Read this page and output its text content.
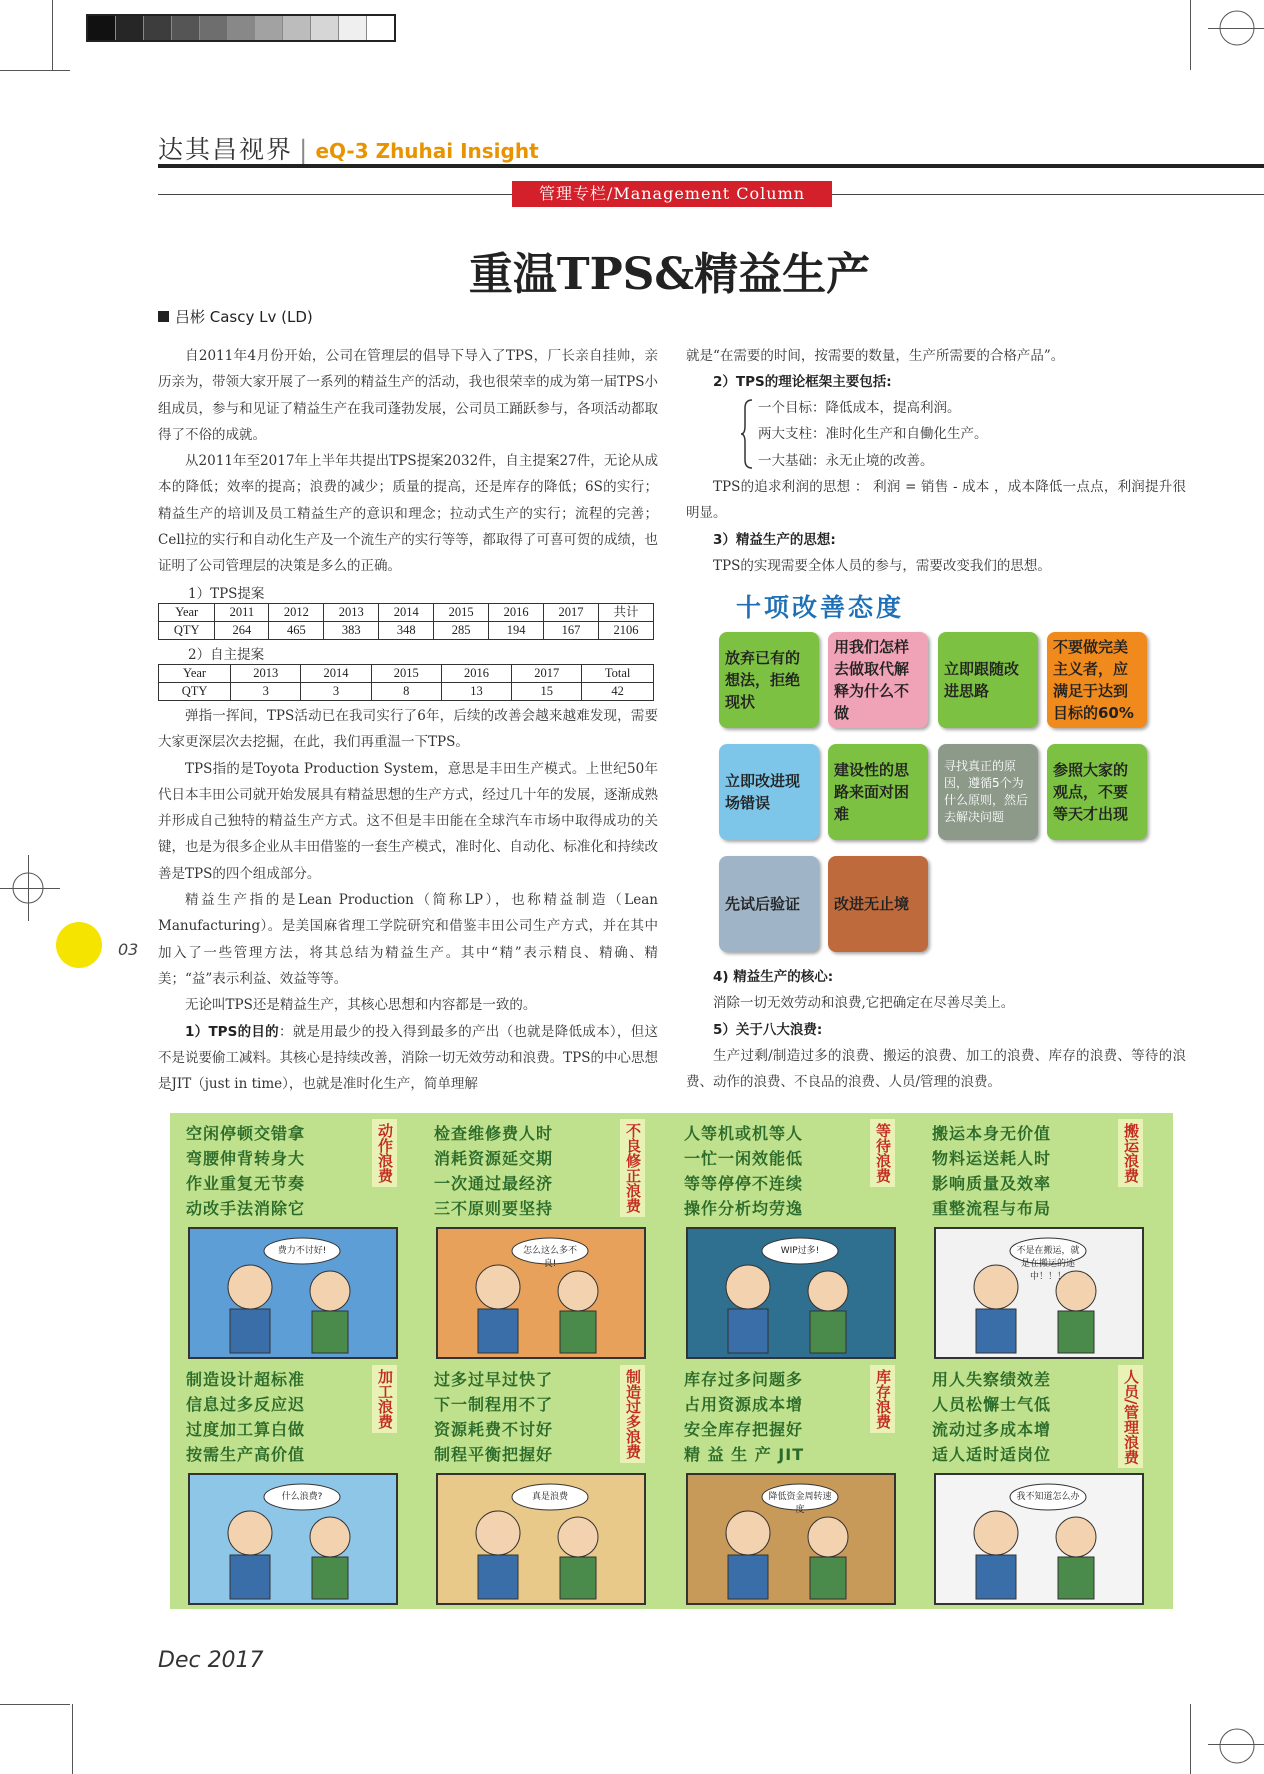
达其昌视界 | eQ-3 Zhuhai Insight
管理专栏/Management Column
重温TPS&精益生产
吕彬 Cascy Lv (LD)

自2011年4月份开始，公司在管理层的倡导下导入了TPS，厂长亲自挂帅，亲历亲为，带领大家开展了一系列的精益生产的活动，我也很荣幸的成为第一届TPS小组成员，参与和见证了精益生产在我司蓬勃发展，公司员工踊跃参与，各项活动都取得了不俗的成就。

从2011年至2017年上半年共提出TPS提案2032件，自主提案27件，无论从成本的降低；效率的提高；浪费的减少；质量的提高，还是库存的降低；6S的实行；精益生产的培训及员工精益生产的意识和理念；拉动式生产的实行；流程的完善；Cell拉的实行和自动化生产及一个流生产的实行等等，都取得了可喜可贺的成绩，也证明了公司管理层的决策是多么的正确。

1）TPS提案
Year	2011	2012	2013	2014	2015	2016	2017	共计
QTY	264	465	383	348	285	194	167	2106
2）自主提案
Year	2013	2014	2015	2016	2017	Total
QTY	3	3	8	13	15	42

弹指一挥间，TPS活动已在我司实行了6年，后续的改善会越来越难发现，需要大家更深层次去挖掘，在此，我们再重温一下TPS。

TPS指的是Toyota Production System，意思是丰田生产模式。上世纪50年代日本丰田公司就开始发展具有精益思想的生产方式，经过几十年的发展，逐渐成熟并形成自己独特的精益生产方式。这不但是丰田能在全球汽车市场中取得成功的关键，也是为很多企业从丰田借鉴的一套生产模式，准时化、自动化、标准化和持续改善是TPS的四个组成部分。

精益生产指的是Lean Production（简称LP），也称精益制造（Lean Manufacturing）。是美国麻省理工学院研究和借鉴丰田公司生产方式，并在其中加入了一些管理方法，将其总结为精益生产。其中“精”表示精良、精确、精美；“益”表示利益、效益等等。

无论叫TPS还是精益生产，其核心思想和内容都是一致的。

1）TPS的目的：就是用最少的投入得到最多的产出（也就是降低成本），但这不是说要偷工减料。其核心是持续改善，消除一切无效劳动和浪费。TPS的中心思想是JIT（just in time），也就是准时化生产，简单理解

就是“在需要的时间，按需要的数量，生产所需要的合格产品”。

2）TPS的理论框架主要包括:

一个目标：降低成本，提高利润。

两大支柱：准时化生产和自働化生产。

一大基础：永无止境的改善。

TPS的追求利润的思想 ： 利润 = 销售 - 成本 ，成本降低一点点，利润提升很明显。

3）精益生产的思想:

TPS的实现需要全体人员的参与，需要改变我们的思想。

十项改善态度
放弃已有的想法，拒绝现状
用我们怎样去做取代解释为什么不做
立即跟随改进思路
不要做完美主义者，应满足于达到目标的60%
立即改进现场错误
建设性的思路来面对困难
寻找真正的原因，遵循5个为什么原则，然后去解决问题
参照大家的观点，不要等天才出现
先试后验证 改进无止境

4) 精益生产的核心:

消除一切无效劳动和浪费,它把确定在尽善尽美上。

5）关于八大浪费:

生产过剩/制造过多的浪费、搬运的浪费、加工的浪费、库存的浪费、等待的浪费、动作的浪费、不良品的浪费、人员/管理的浪费。

空闲停顿交错拿
弯腰伸背转身大
作业重复无节奏
动改手法消除它
动作浪费
费力不讨好!
检查维修费人时
消耗资源延交期
一次通过最经济
三不原则要坚持	不良修正浪费
怎么这么多不良!
人等机或机等人
一忙一闲效能低
等等停停不连续
操作分析均劳逸
等待浪费
WIP过多!
搬运本身无价值
物料运送耗人时
影响质量及效率
重整流程与布局
搬运浪费
不是在搬运，就是在搬运的途中！！！
制造设计超标准
信息过多反应迟
过度加工算白做
按需生产高价值
加工浪费
什么浪费?
过多过早过快了
下一制程用不了
资源耗费不讨好
制程平衡把握好	制造过多浪费
真是浪费
库存过多问题多
占用资源成本增
安全库存把握好
精 益 生 产 JIT
库存浪费
降低资金周转速度
用人失察绩效差
人员松懈士气低
流动过多成本增
适人适时适岗位	人员/管理浪费
我不知道怎么办
03
Dec 2017
